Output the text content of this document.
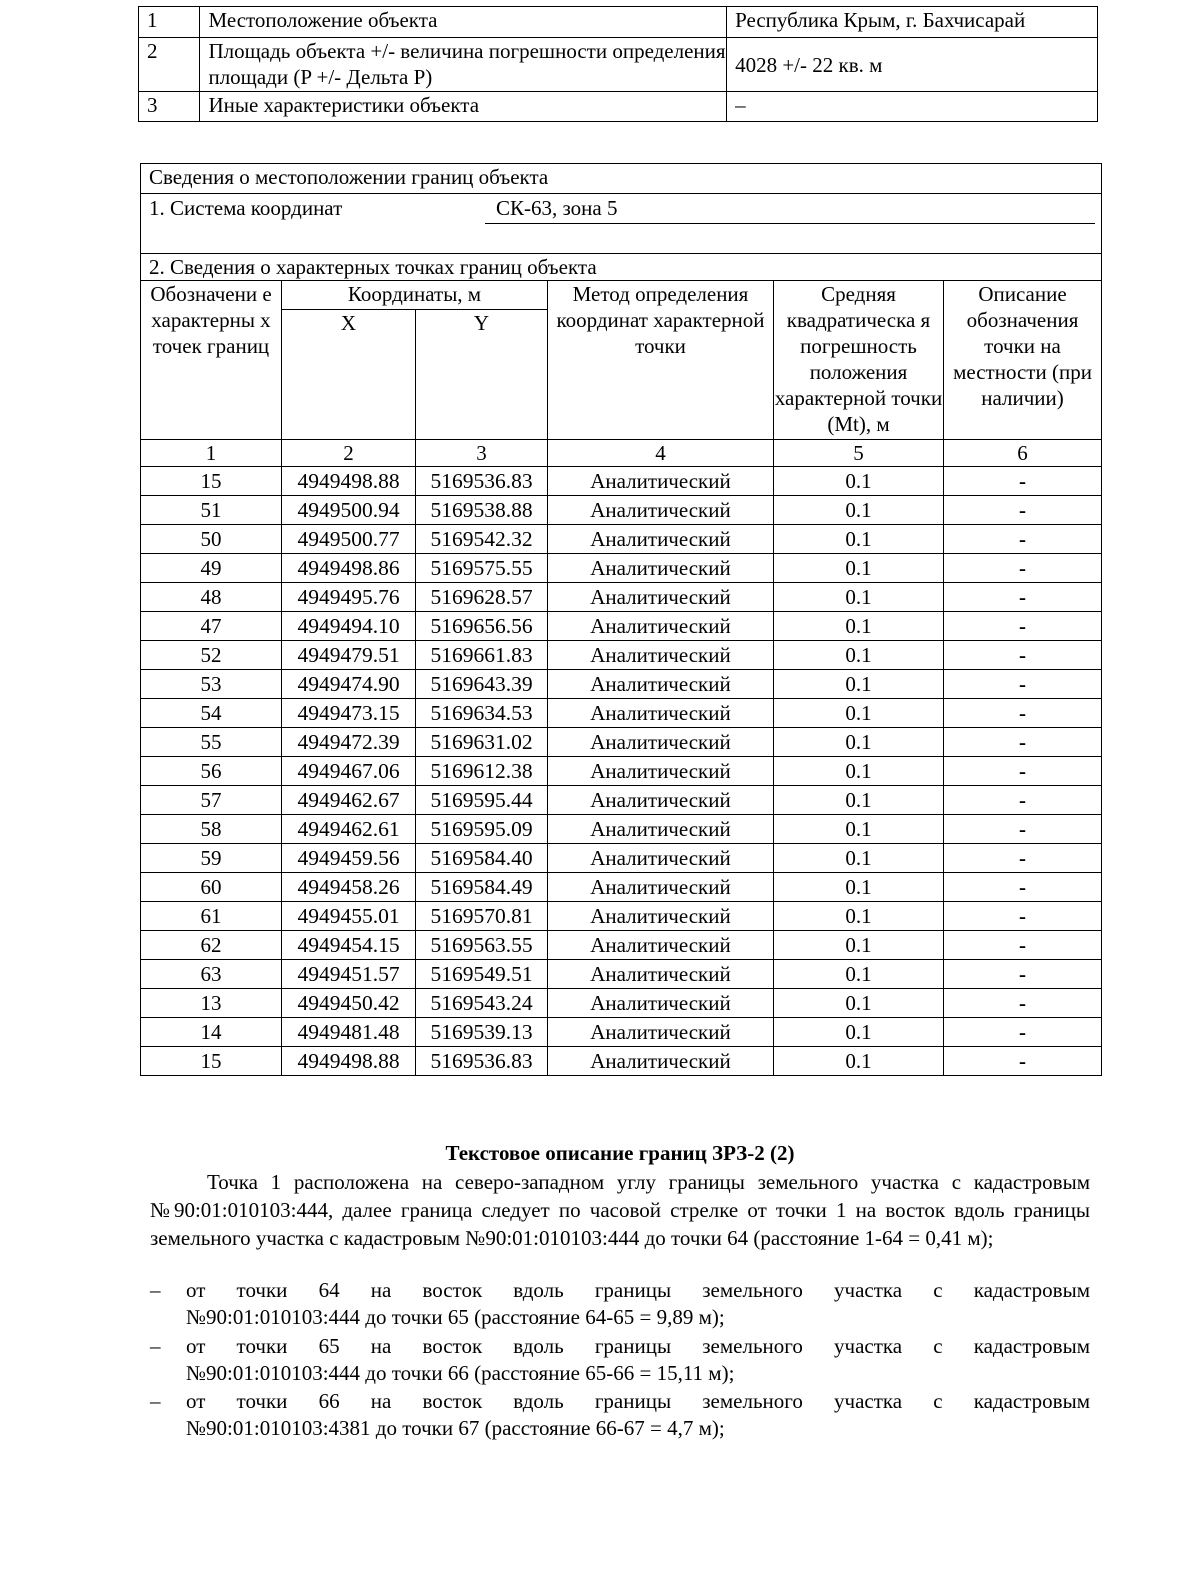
1	Местоположение объекта	Республика Крым, г. Бахчисарай
2	Площадь объекта +/- величина погрешности определения площади (P +/- Дельта P)	4028 +/- 22 кв. м
3	Иные характеристики объекта	–
Сведения о местоположении границ объекта					

1. Система координат СК-63, зона 5					

2. Сведения о характерных точках границ объекта					
Обозначени е характерны х точек границ	Координаты, м		Метод определения координат характерной точки	Средняя квадратическа я погрешность положения характерной точки (Mt), м	Описание обозначения точки на местности (при наличии)
	X	Y			
1	2	3	4	5	6
15	4949498.88	5169536.83	Аналитический	0.1	-
51	4949500.94	5169538.88	Аналитический	0.1	-
50	4949500.77	5169542.32	Аналитический	0.1	-
49	4949498.86	5169575.55	Аналитический	0.1	-
48	4949495.76	5169628.57	Аналитический	0.1	-
47	4949494.10	5169656.56	Аналитический	0.1	-
52	4949479.51	5169661.83	Аналитический	0.1	-
53	4949474.90	5169643.39	Аналитический	0.1	-
54	4949473.15	5169634.53	Аналитический	0.1	-
55	4949472.39	5169631.02	Аналитический	0.1	-
56	4949467.06	5169612.38	Аналитический	0.1	-
57	4949462.67	5169595.44	Аналитический	0.1	-
58	4949462.61	5169595.09	Аналитический	0.1	-
59	4949459.56	5169584.40	Аналитический	0.1	-
60	4949458.26	5169584.49	Аналитический	0.1	-
61	4949455.01	5169570.81	Аналитический	0.1	-
62	4949454.15	5169563.55	Аналитический	0.1	-
63	4949451.57	5169549.51	Аналитический	0.1	-
13	4949450.42	5169543.24	Аналитический	0.1	-
14	4949481.48	5169539.13	Аналитический	0.1	-
15	4949498.88	5169536.83	Аналитический	0.1	-
Текстовое описание границ ЗРЗ-2 (2)
Точка 1 расположена на северо-западном углу границы земельного участка с кадастровым №90:01:010103:444, далее граница следует по часовой стрелке от точки 1 на восток вдоль границы земельного участка с кадастровым №90:01:010103:444 до точки 64 (расстояние 1-64 = 0,41 м);
– от точки 64 на восток вдоль границы земельного участка с кадастровым
№90:01:010103:444 до точки 65 (расстояние 64-65 = 9,89 м);
– от точки 65 на восток вдоль границы земельного участка с кадастровым
№90:01:010103:444 до точки 66 (расстояние 65-66 = 15,11 м);
– от точки 66 на восток вдоль границы земельного участка с кадастровым
№90:01:010103:4381 до точки 67 (расстояние 66-67 = 4,7 м);
